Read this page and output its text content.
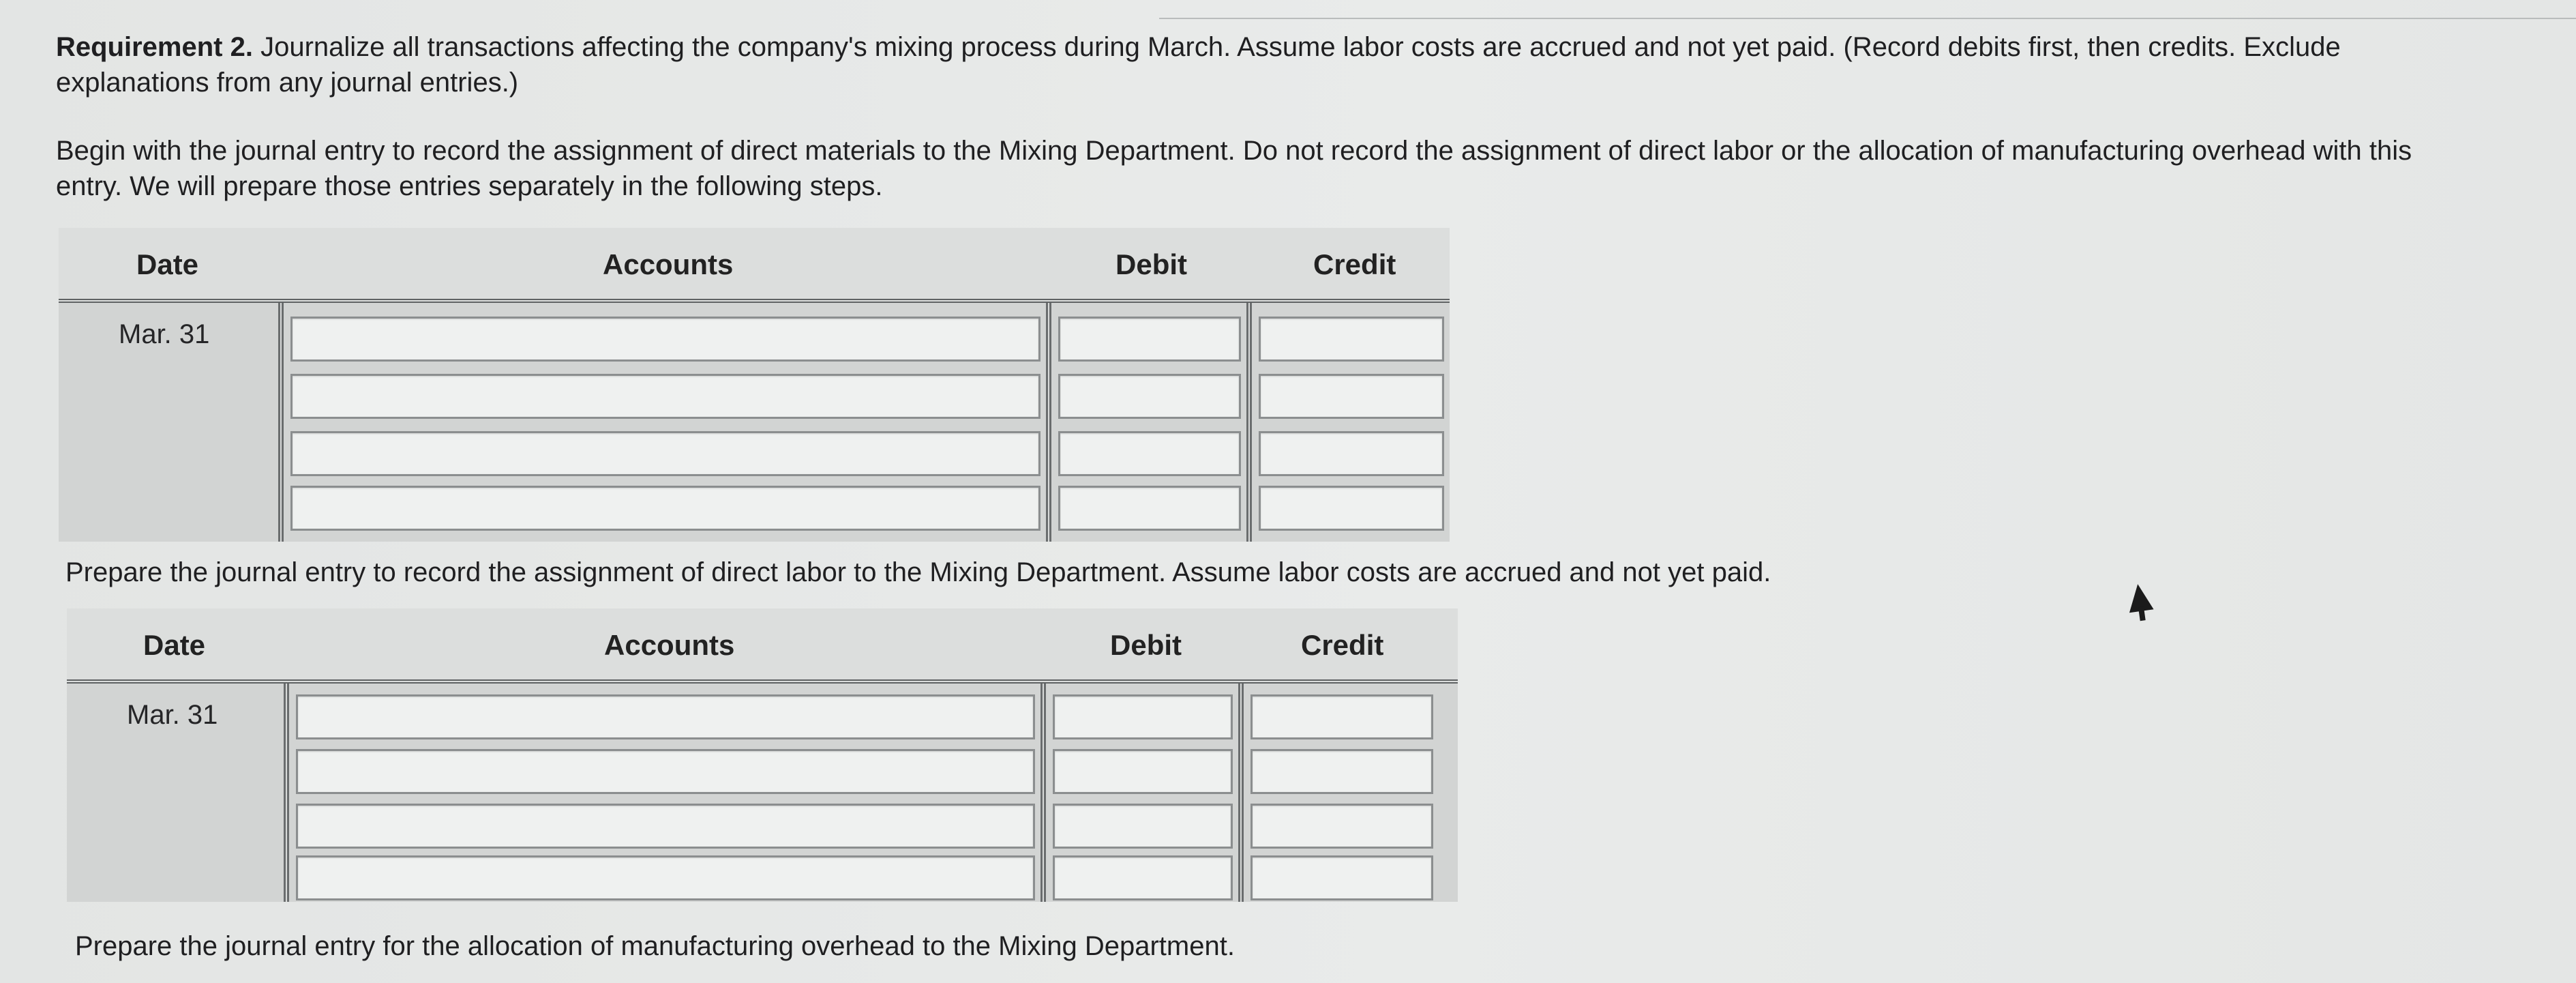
Requirement 2. Journalize all transactions affecting the company's mixing process during March. Assume labor costs are accrued and not yet paid. (Record debits first, then credits. Exclude
explanations from any journal entries.)
Begin with the journal entry to record the assignment of direct materials to the Mixing Department. Do not record the assignment of direct labor or the allocation of manufacturing overhead with this
entry. We will prepare those entries separately in the following steps.
Date	Accounts	Debit	Credit
Mar. 31
Prepare the journal entry to record the assignment of direct labor to the Mixing Department. Assume labor costs are accrued and not yet paid.
Date	Accounts	Debit	Credit
Mar. 31
Prepare the journal entry for the allocation of manufacturing overhead to the Mixing Department.
